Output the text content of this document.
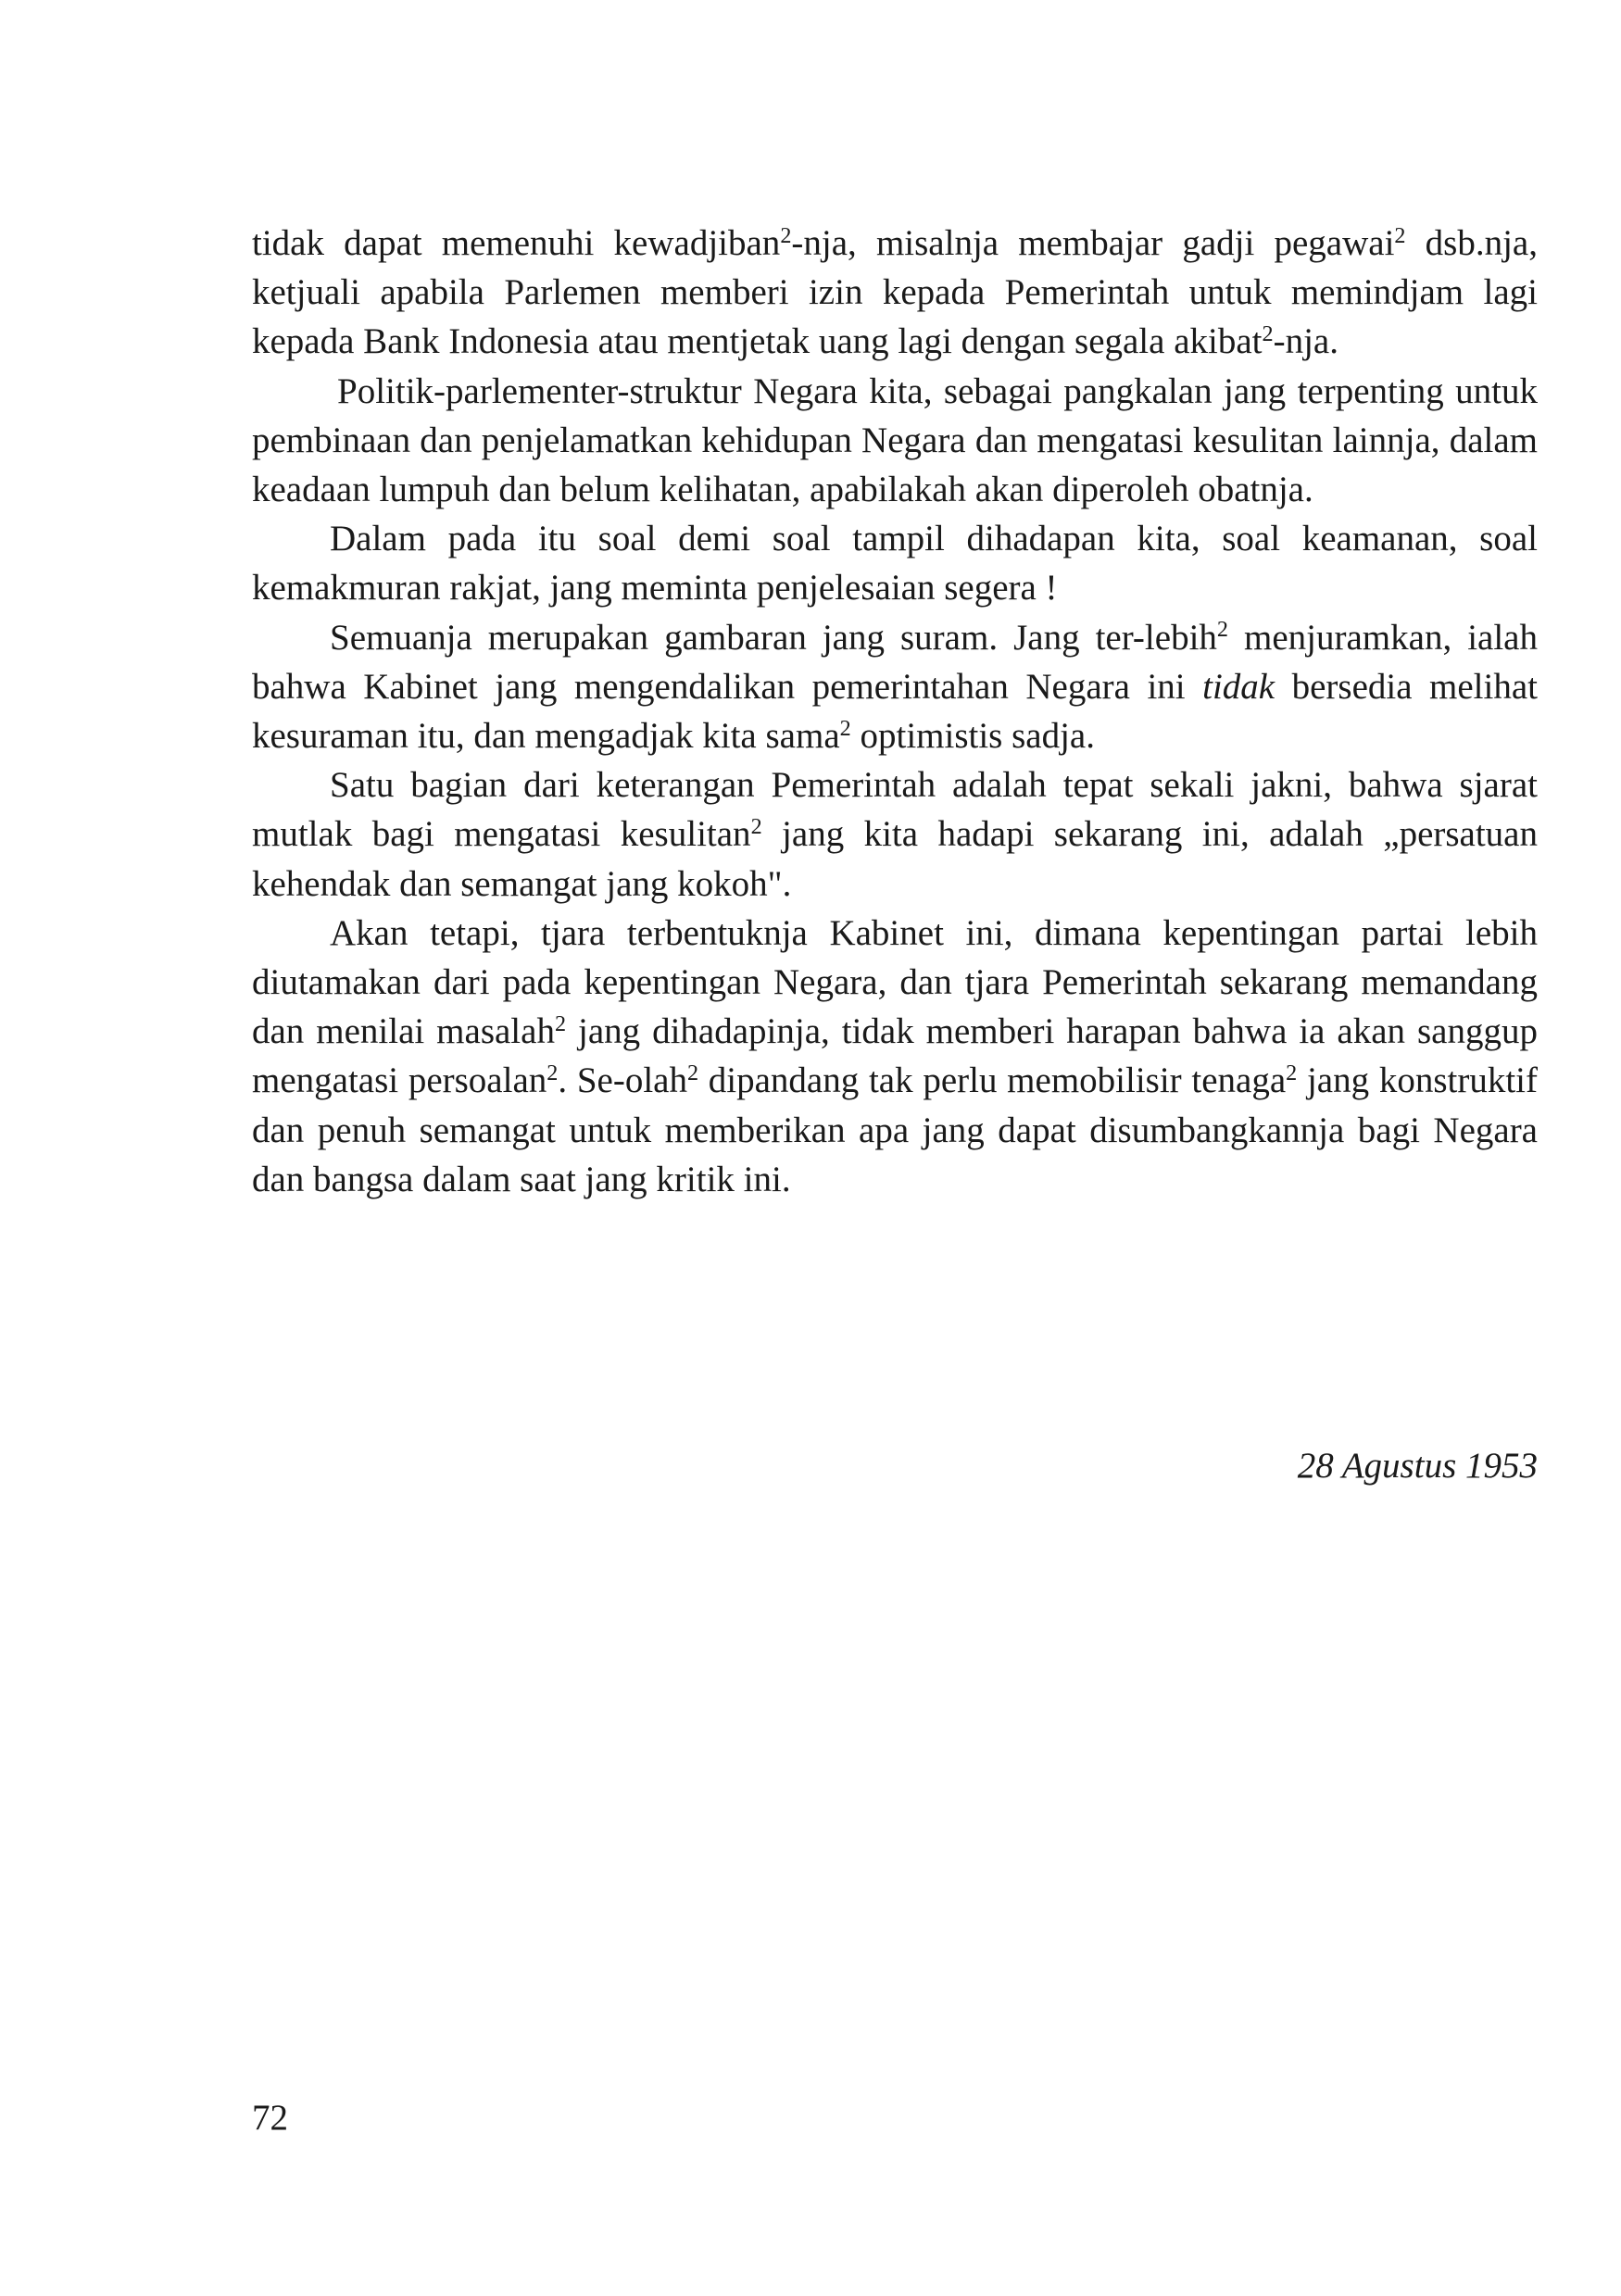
tidak dapat memenuhi kewadjiban$^2$-nja, misalnja membajar gadji pegawai$^2$ dsb.nja, ketjuali apabila Parlemen memberi izin kepada Pemerintah untuk memindjam lagi kepada Bank Indonesia atau mentjetak uang lagi dengan segala akibat$^2$-nja.

Politik-parlementer-struktur Negara kita, sebagai pangkalan jang terpenting untuk pembinaan dan penjelamatkan kehidupan Negara dan mengatasi kesulitan lainnja, dalam keadaan lumpuh dan belum kelihatan, apabilakah akan diperoleh obatnja.

Dalam pada itu soal demi soal tampil dihadapan kita, soal keamanan, soal kemakmuran rakjat, jang meminta penjelesaian segera !

Semuanja merupakan gambaran jang suram. Jang ter-lebih$^2$ menjuramkan, ialah bahwa Kabinet jang mengendalikan pemerintahan Negara ini tidak bersedia melihat kesuraman itu, dan mengadjak kita sama$^2$ optimistis sadja.

Satu bagian dari keterangan Pemerintah adalah tepat sekali jakni, bahwa sjarat mutlak bagi mengatasi kesulitan$^2$ jang kita hadapi sekarang ini, adalah „persatuan kehendak dan semangat jang kokoh".

Akan tetapi, tjara terbentuknja Kabinet ini, dimana kepentingan partai lebih diutamakan dari pada kepentingan Negara, dan tjara Pemerintah sekarang memandang dan menilai masalah$^2$ jang dihadapinja, tidak memberi harapan bahwa ia akan sanggup mengatasi persoalan$^2$. Se-olah$^2$ dipandang tak perlu memobilisir tenaga$^2$ jang konstruktif dan penuh semangat untuk memberikan apa jang dapat disumbangkannja bagi Negara dan bangsa dalam saat jang kritik ini.

28 Agustus 1953
72
